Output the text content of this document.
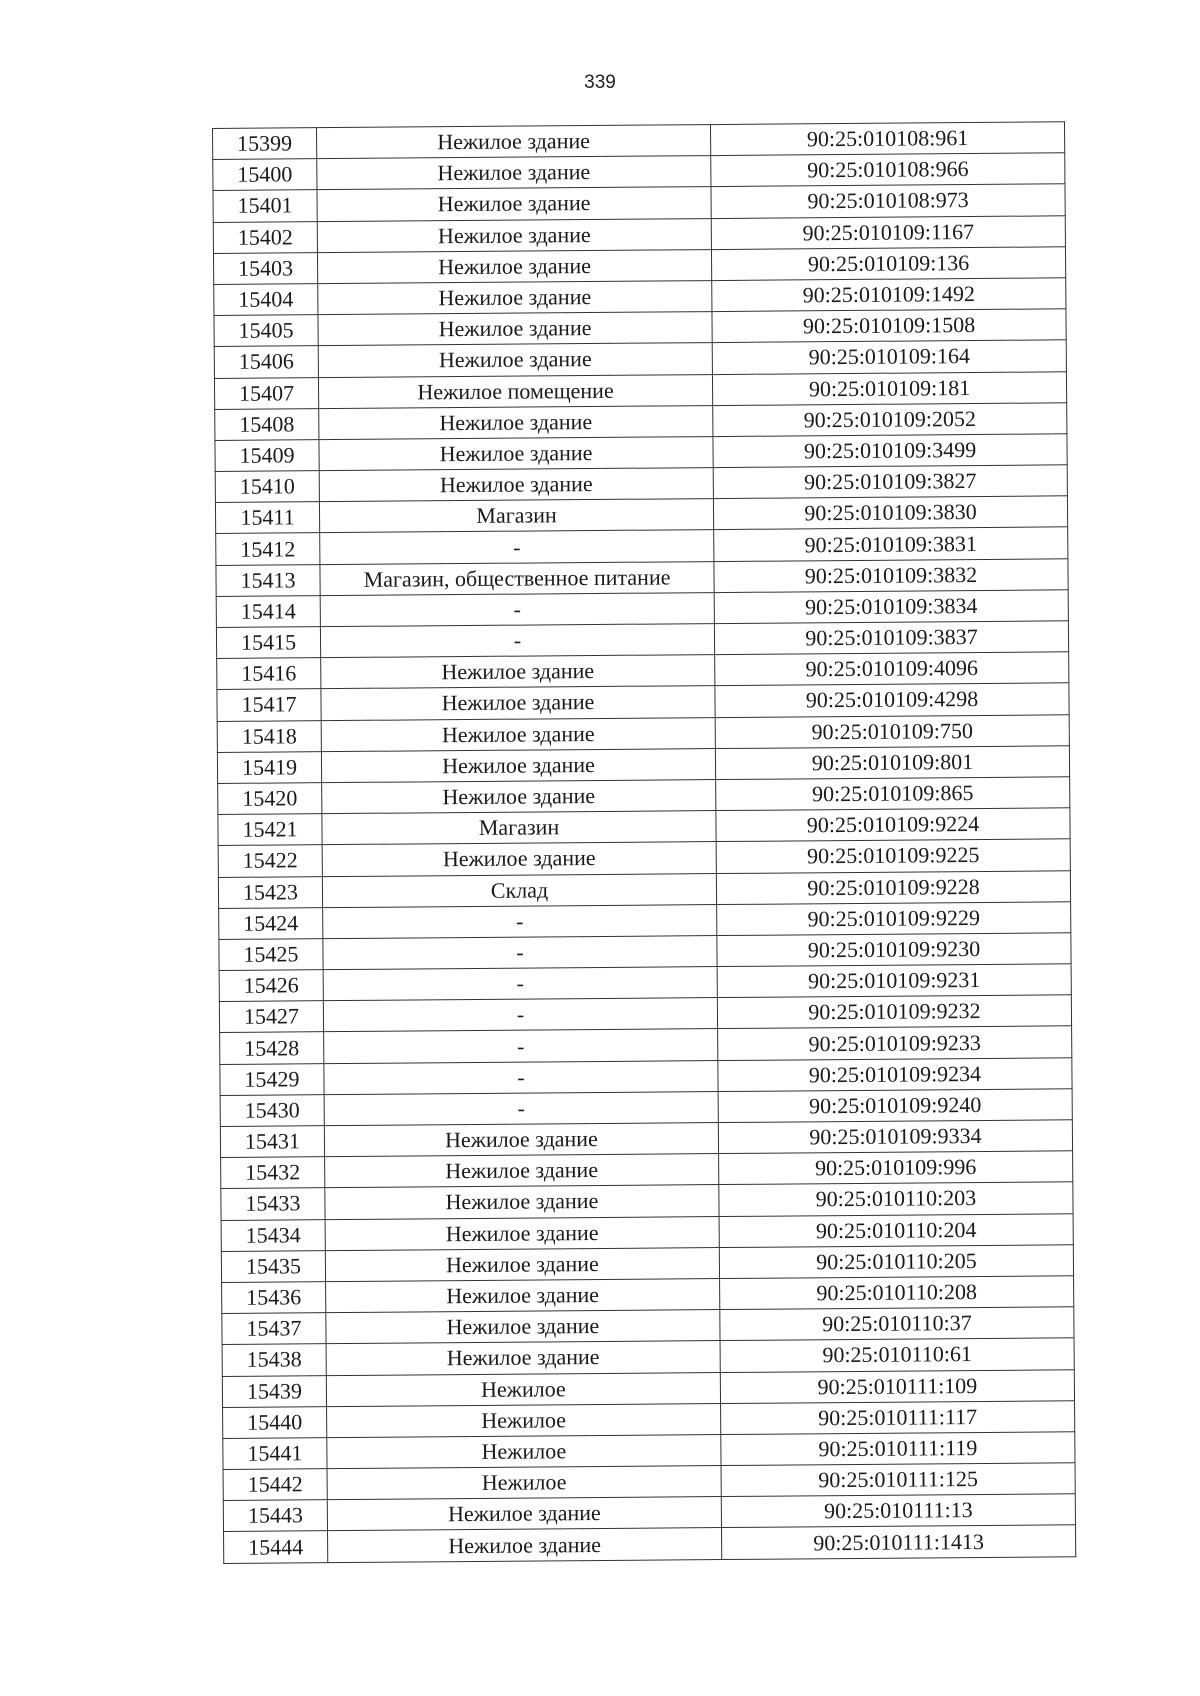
339
15399	Нежилое здание	90:25:010108:961
15400	Нежилое здание	90:25:010108:966
15401	Нежилое здание	90:25:010108:973
15402	Нежилое здание	90:25:010109:1167
15403	Нежилое здание	90:25:010109:136
15404	Нежилое здание	90:25:010109:1492
15405	Нежилое здание	90:25:010109:1508
15406	Нежилое здание	90:25:010109:164
15407	Нежилое помещение	90:25:010109:181
15408	Нежилое здание	90:25:010109:2052
15409	Нежилое здание	90:25:010109:3499
15410	Нежилое здание	90:25:010109:3827
15411	Магазин	90:25:010109:3830
15412	-	90:25:010109:3831
15413	Магазин, общественное питание	90:25:010109:3832
15414	-	90:25:010109:3834
15415	-	90:25:010109:3837
15416	Нежилое здание	90:25:010109:4096
15417	Нежилое здание	90:25:010109:4298
15418	Нежилое здание	90:25:010109:750
15419	Нежилое здание	90:25:010109:801
15420	Нежилое здание	90:25:010109:865
15421	Магазин	90:25:010109:9224
15422	Нежилое здание	90:25:010109:9225
15423	Склад	90:25:010109:9228
15424	-	90:25:010109:9229
15425	-	90:25:010109:9230
15426	-	90:25:010109:9231
15427	-	90:25:010109:9232
15428	-	90:25:010109:9233
15429	-	90:25:010109:9234
15430	-	90:25:010109:9240
15431	Нежилое здание	90:25:010109:9334
15432	Нежилое здание	90:25:010109:996
15433	Нежилое здание	90:25:010110:203
15434	Нежилое здание	90:25:010110:204
15435	Нежилое здание	90:25:010110:205
15436	Нежилое здание	90:25:010110:208
15437	Нежилое здание	90:25:010110:37
15438	Нежилое здание	90:25:010110:61
15439	Нежилое	90:25:010111:109
15440	Нежилое	90:25:010111:117
15441	Нежилое	90:25:010111:119
15442	Нежилое	90:25:010111:125
15443	Нежилое здание	90:25:010111:13
15444	Нежилое здание	90:25:010111:1413
